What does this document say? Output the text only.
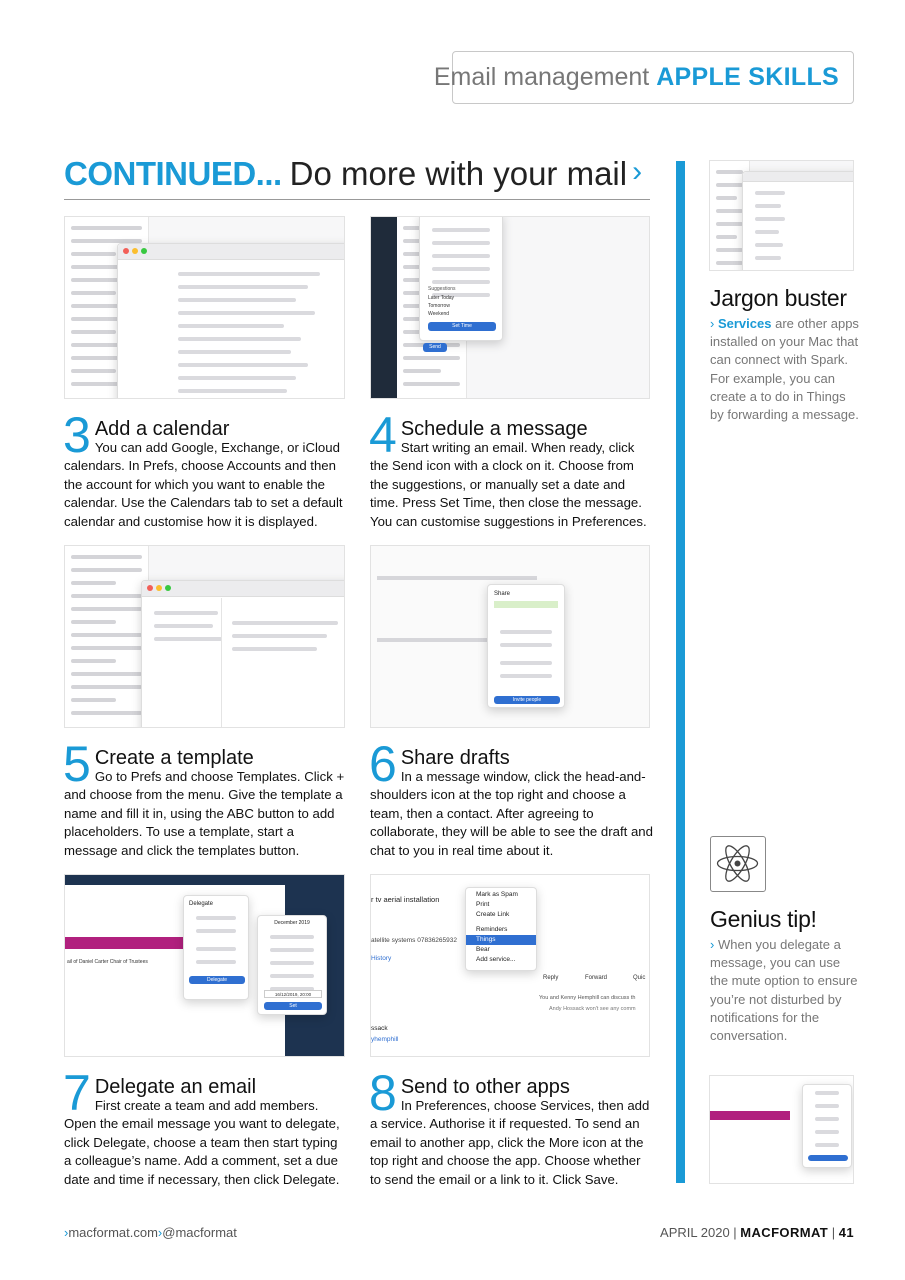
Email management APPLE SKILLS
CONTINUED... Do more with your mail ›
Suggestions
Later Today
Tomorrow
Weekend
Set Time
Send
Share
Invite people
ail of Daniel Carter Chair of Trustees
Delegate
Delegate
December 2019
16/12/2019, 20:00
Set
r tv aerial installation
atellite systems 07836265932
History
Mark as Spam
Print
Create Link
Reminders
Things
Bear
Add service...
Reply	Forward	Quic
You and Kenny Hemphill can discuss th
Andy Hossack won't see any comm
ssack
yhemphill
3 Add a calendar
You can add Google, Exchange, or iCloud calendars. In Prefs, choose Accounts and then the account for which you want to enable the calendar. Use the Calendars tab to set a default calendar and customise how it is displayed.
4 Schedule a message
Start writing an email. When ready, click the Send icon with a clock on it. Choose from the suggestions, or manually set a date and time. Press Set Time, then close the message. You can customise suggestions in Preferences.
5 Create a template
Go to Prefs and choose Templates. Click + and choose from the menu. Give the template a name and fill it in, using the ABC button to add placeholders. To use a template, start a message and click the templates button.
6 Share drafts
In a message window, click the head-and-shoulders icon at the top right and choose a team, then a contact. After agreeing to collaborate, they will be able to see the draft and chat to you in real time about it.
7 Delegate an email
First create a team and add members. Open the email message you want to delegate, click Delegate, choose a team then start typing a colleague’s name. Add a comment, set a due date and time if necessary, then click Delegate.
8 Send to other apps
In Preferences, choose Services, then add a service. Authorise it if requested. To send an email to another app, click the More icon at the top right and choose the app. Choose whether to send the email or a link to it. Click Save.
Jargon buster

› Services are other apps installed on your Mac that can connect with Spark. For example, you can create a to do in Things by forwarding a message.

Genius tip!

› When you delegate a message, you can use the mute option to ensure you’re not disturbed by notifications for the conversation.

›macformat.com›@macformat	APRIL 2020 | MACFORMAT | 41
